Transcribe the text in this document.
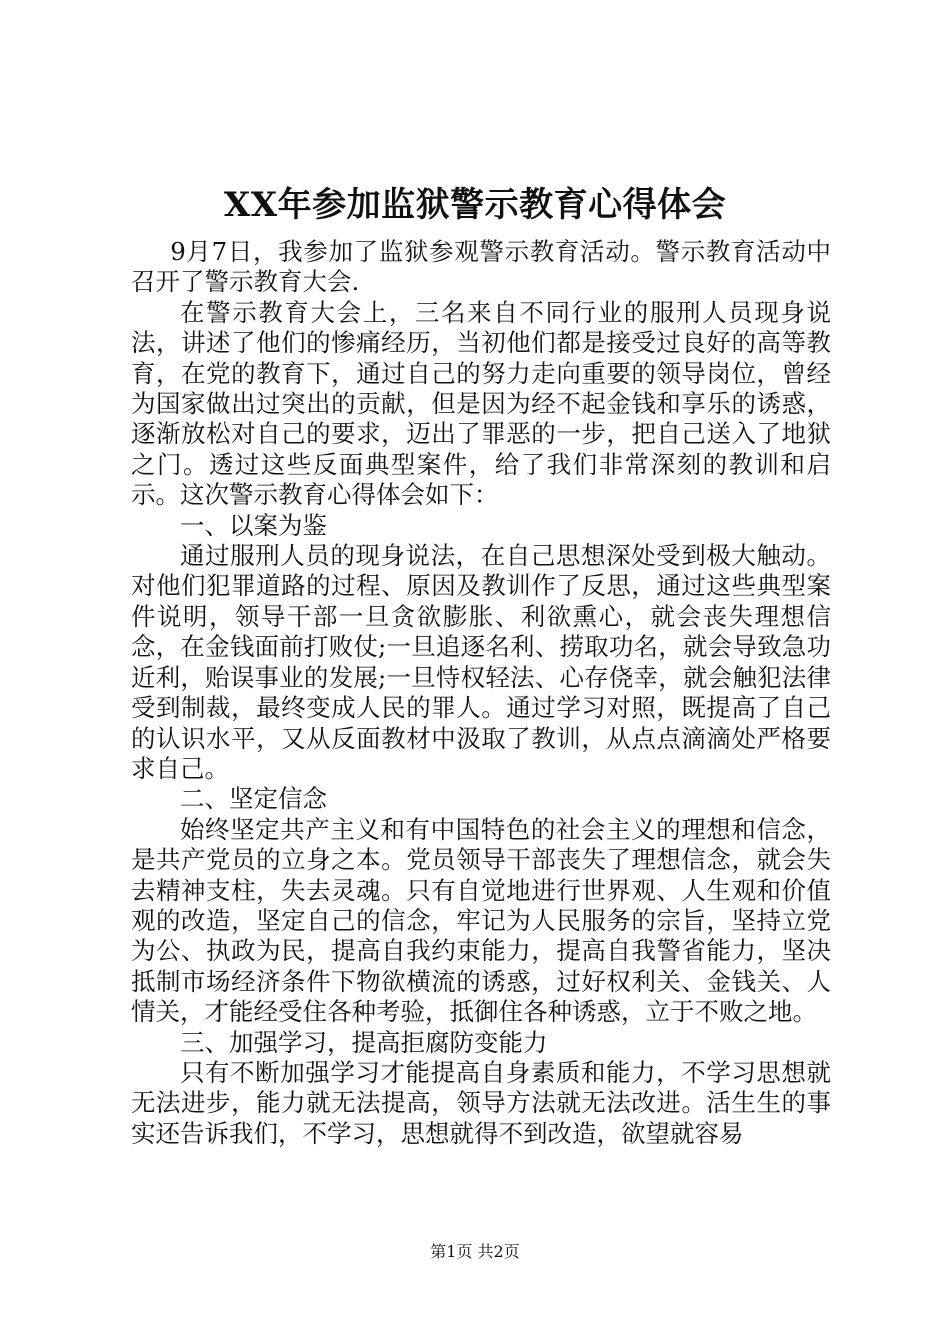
XX年参加监狱警示教育心得体会

9月7日，我参加了监狱参观警示教育活动。警示教育活动中召开了警示教育大会.

在警示教育大会上，三名来自不同行业的服刑人员现身说法，讲述了他们的惨痛经历，当初他们都是接受过良好的高等教育，在党的教育下，通过自己的努力走向重要的领导岗位，曾经为国家做出过突出的贡献，但是因为经不起金钱和享乐的诱惑，逐渐放松对自己的要求，迈出了罪恶的一步，把自己送入了地狱之门。透过这些反面典型案件，给了我们非常深刻的教训和启示。这次警示教育心得体会如下：

一、以案为鉴

通过服刑人员的现身说法，在自己思想深处受到极大触动。对他们犯罪道路的过程、原因及教训作了反思，通过这些典型案件说明，领导干部一旦贪欲膨胀、利欲熏心，就会丧失理想信念，在金钱面前打败仗;一旦追逐名利、捞取功名，就会导致急功近利，贻误事业的发展;一旦恃权轻法、心存侥幸，就会触犯法律受到制裁，最终变成人民的罪人。通过学习对照，既提高了自己的认识水平，又从反面教材中汲取了教训，从点点滴滴处严格要求自己。

二、坚定信念

始终坚定共产主义和有中国特色的社会主义的理想和信念，是共产党员的立身之本。党员领导干部丧失了理想信念，就会失去精神支柱，失去灵魂。只有自觉地进行世界观、人生观和价值观的改造，坚定自己的信念，牢记为人民服务的宗旨，坚持立党为公、执政为民，提高自我约束能力，提高自我警省能力，坚决抵制市场经济条件下物欲横流的诱惑，过好权利关、金钱关、人情关，才能经受住各种考验，抵御住各种诱惑，立于不败之地。

三、加强学习，提高拒腐防变能力

只有不断加强学习才能提高自身素质和能力，不学习思想就无法进步，能力就无法提高，领导方法就无法改进。活生生的事实还告诉我们，不学习，思想就得不到改造，欲望就容易

第1页 共2页
